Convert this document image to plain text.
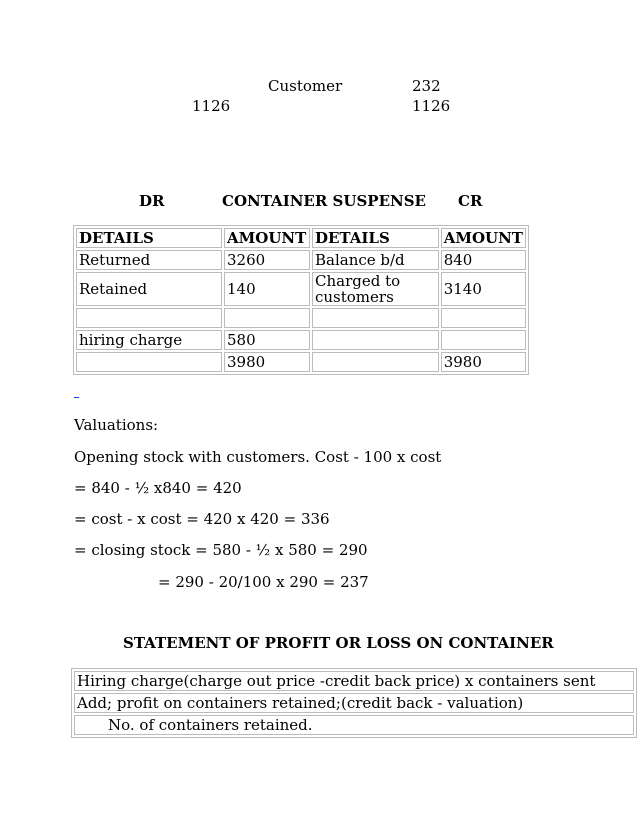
Customer	232
1126	1126
DR	CONTAINER SUSPENSE CR
DETAILS	AMOUNT	DETAILS	AMOUNT
Returned	3260	Balance b/d	840
Retained	140	Charged to customers	3140

hiring charge	580		
	3980		3980
Valuations:
Opening stock with customers. Cost - 100 x cost
= 840 - ½ x840 = 420
= cost - x cost = 420 x 420 = 336
= closing stock = 580 - ½ x 580 = 290
= 290 - 20/100 x 290 = 237
STATEMENT OF PROFIT OR LOSS ON CONTAINER
Hiring charge(charge out price -credit back price) x containers sent
Add; profit on containers retained;(credit back - valuation)
No. of containers retained.
